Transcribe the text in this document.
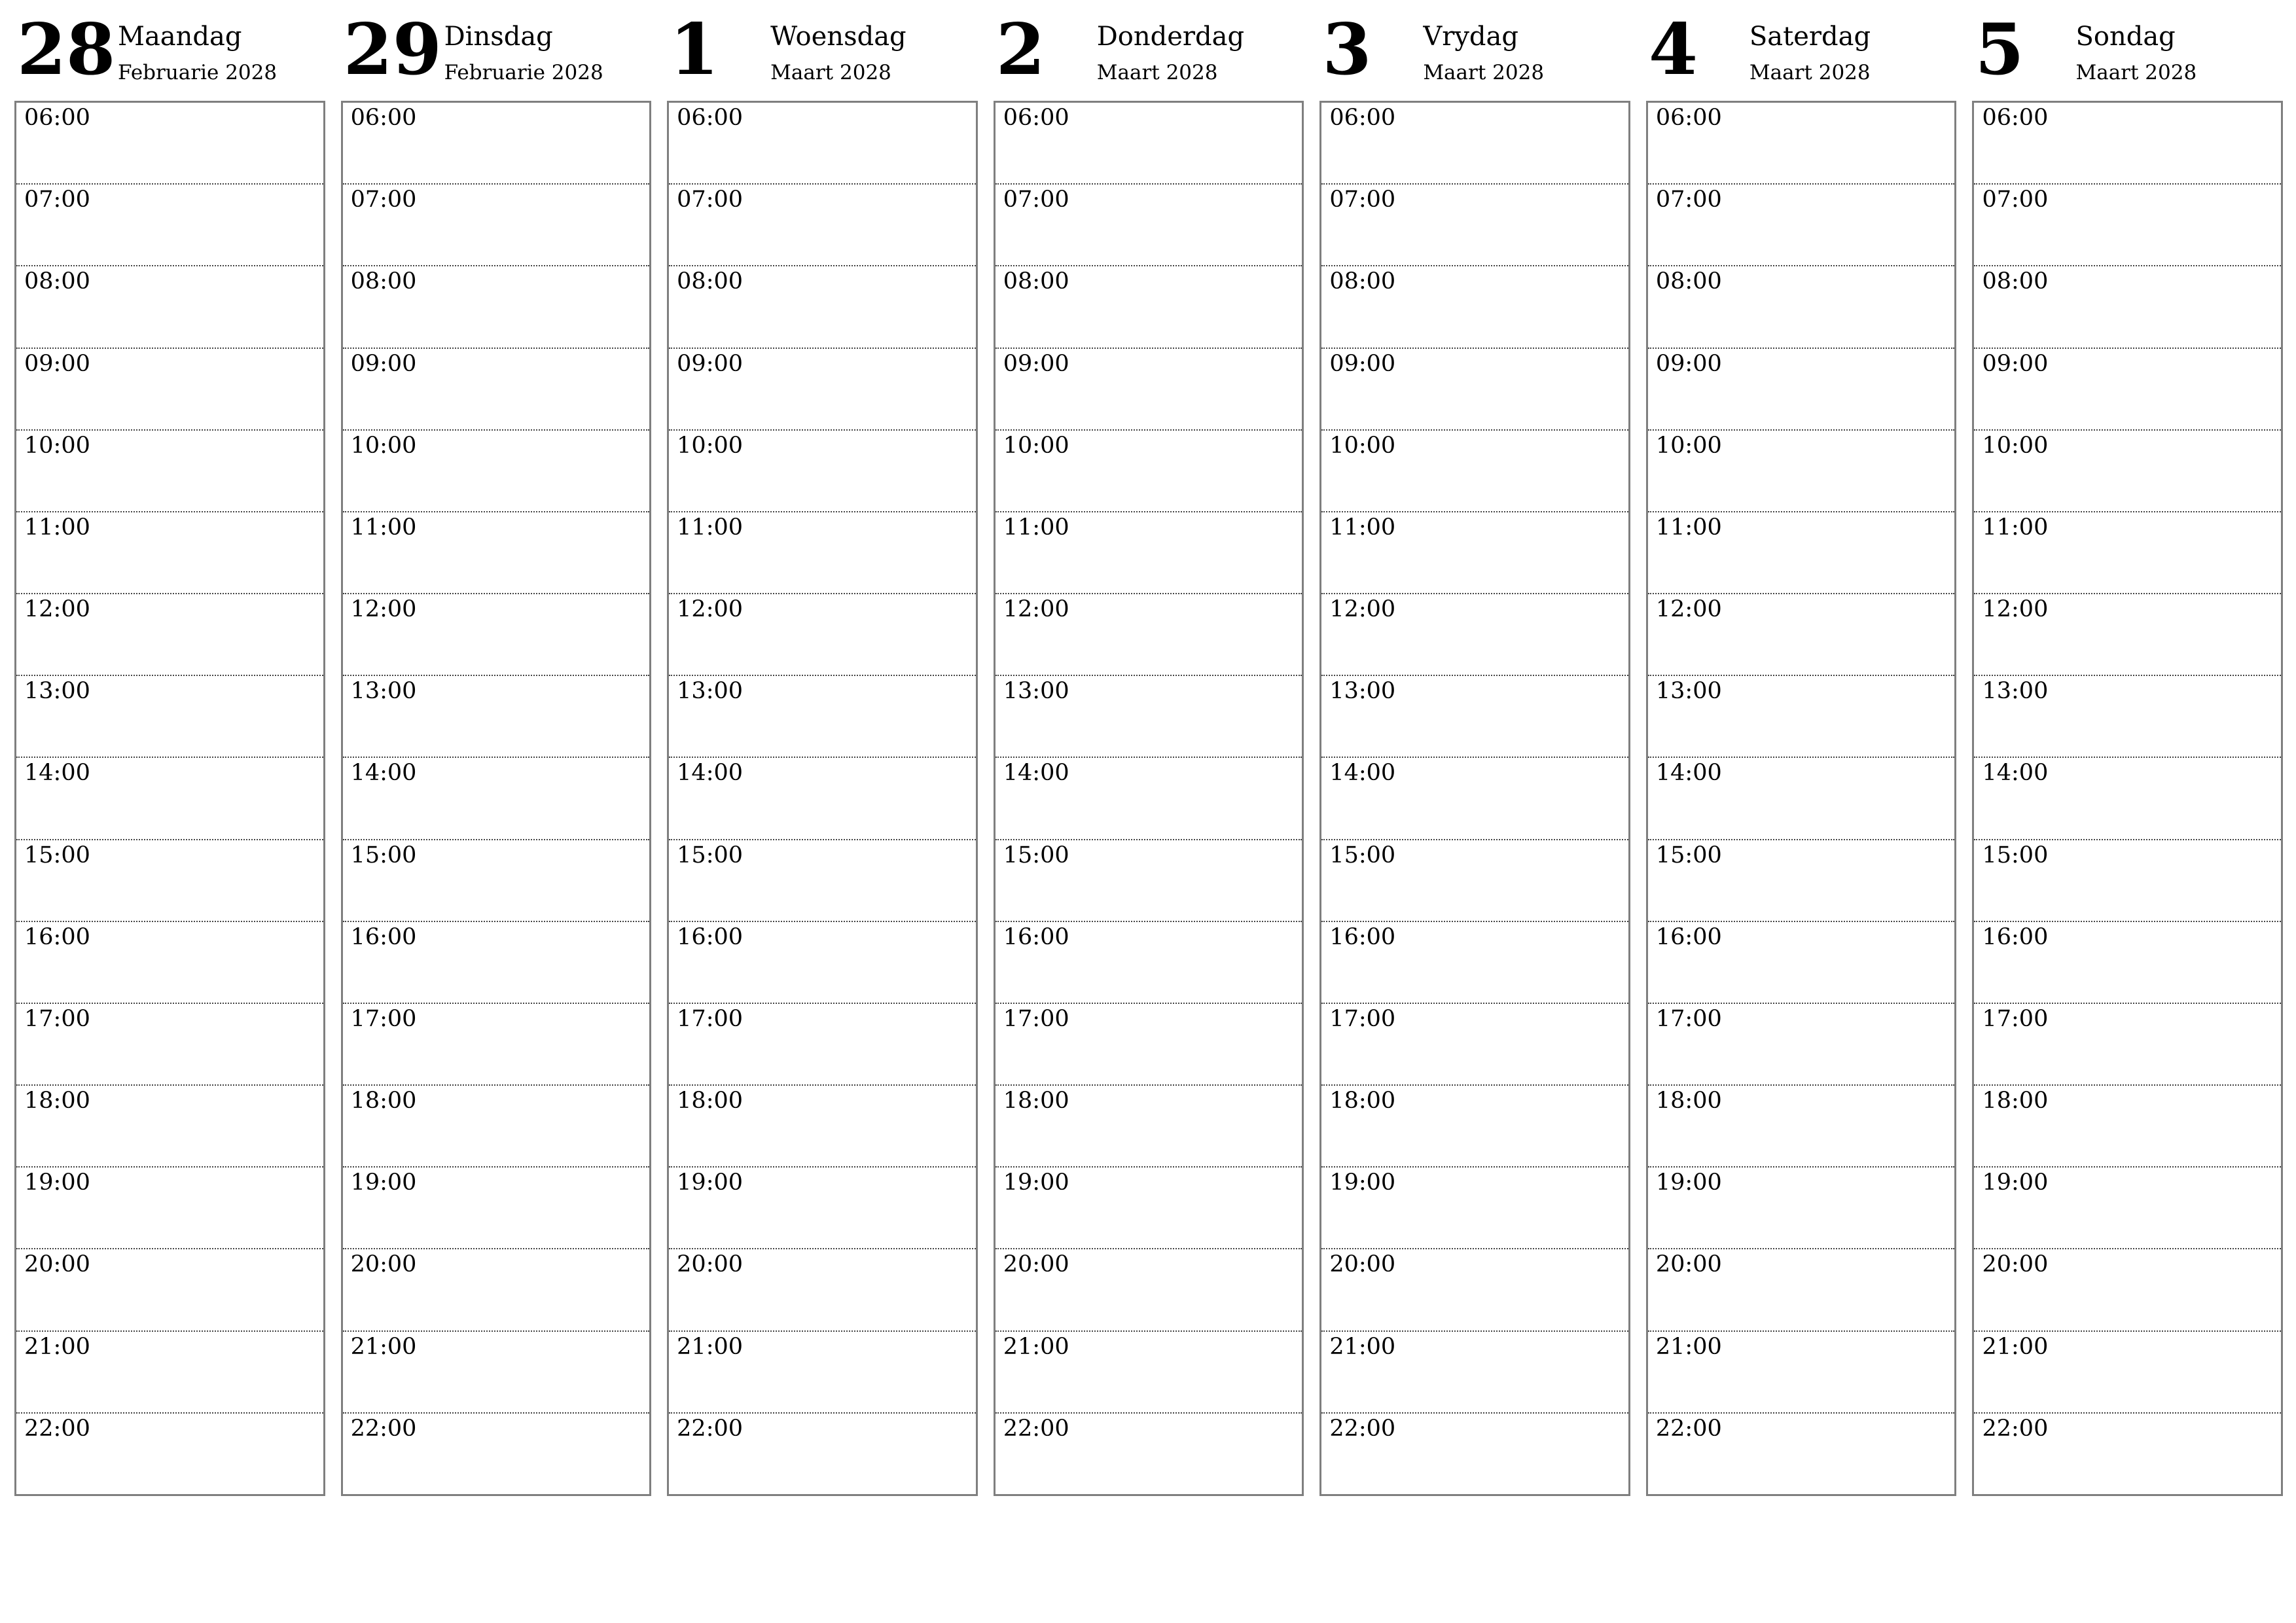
28 Maandag
Februarie 2028
06:00
07:00
08:00
09:00
10:00
11:00
12:00
13:00
14:00
15:00
16:00
17:00
18:00
19:00
20:00
21:00
22:00
29 Dinsdag
Februarie 2028
06:00
07:00
08:00
09:00
10:00
11:00
12:00
13:00
14:00
15:00
16:00
17:00
18:00
19:00
20:00
21:00
22:00
1 Woensdag
Maart 2028
06:00
07:00
08:00
09:00
10:00
11:00
12:00
13:00
14:00
15:00
16:00
17:00
18:00
19:00
20:00
21:00
22:00
2 Donderdag
Maart 2028
06:00
07:00
08:00
09:00
10:00
11:00
12:00
13:00
14:00
15:00
16:00
17:00
18:00
19:00
20:00
21:00
22:00
3 Vrydag
Maart 2028
06:00
07:00
08:00
09:00
10:00
11:00
12:00
13:00
14:00
15:00
16:00
17:00
18:00
19:00
20:00
21:00
22:00
4 Saterdag
Maart 2028
06:00
07:00
08:00
09:00
10:00
11:00
12:00
13:00
14:00
15:00
16:00
17:00
18:00
19:00
20:00
21:00
22:00
5 Sondag
Maart 2028
06:00
07:00
08:00
09:00
10:00
11:00
12:00
13:00
14:00
15:00
16:00
17:00
18:00
19:00
20:00
21:00
22:00
